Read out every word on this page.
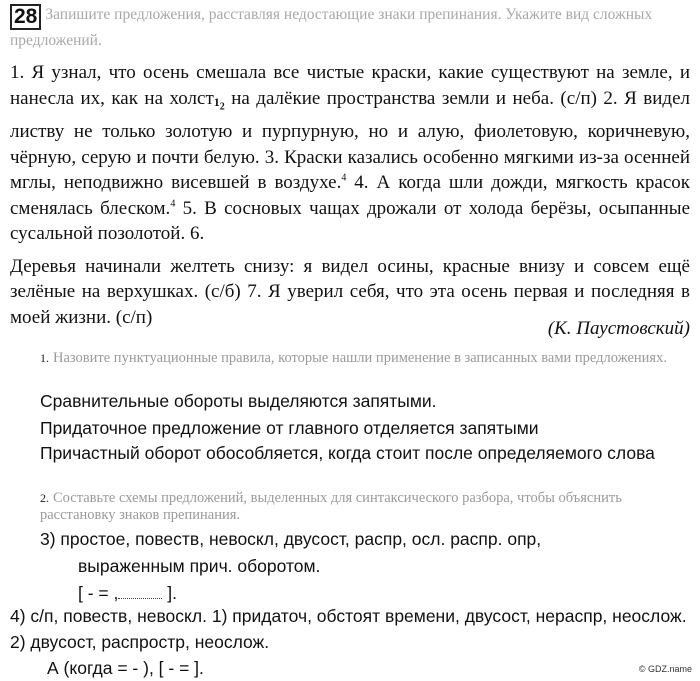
28 Запишите предложения, расставляя недостающие знаки препинания. Укажите вид сложных предложений.

1. Я узнал, что осень смешала все чистые краски, какие существуют на земле, и нанесла их, как на $холст1_2$ на далёкие пространства земли и неба. (с/п) 2. Я видел листву не только золотую и пурпурную, но и алую, фиолетовую, коричневую, чёрную, серую и почти белую. 3. Краски казались особенно мягкими из-за осенней мглы, неподвижно висевшей в воздухе.$^4$ 4. А когда шли дожди, мягкость красок сменялась блеском.$^4$ 5. В сосновых чащах дрожали от холода берёзы, осыпанные сусальной позолотой. 6.

Деревья начинали желтеть снизу: я видел осины, красные внизу и совсем ещё зелёные на верхушках. (с/б) 7. Я уверил себя, что эта осень первая и последняя в моей жизни. (с/п)

(К. Паустовский)
1. Назовите пунктуационные правила, которые нашли применение в записанных вами предложениях.
Сравнительные обороты выделяются запятыми.
Придаточное предложение от главного отделяется запятыми
Причастный оборот обособляется, когда стоит после определяемого слова
2. Составьте схемы предложений, выделенных для синтаксического разбора, чтобы объяснить расстановку знаков препинания.
3) простое, повеств, невоскл, двусост, распр, осл. распр. опр,
выраженным прич. оборотом.
[ - = ,	].
4) с/п, повеств, невоскл. 1) придаточ, обстоят времени, двусост, нераспр, неослож. 2) двусост, распростр, неослож.
А (когда = - ), [ - = ].	© GDZ.name
